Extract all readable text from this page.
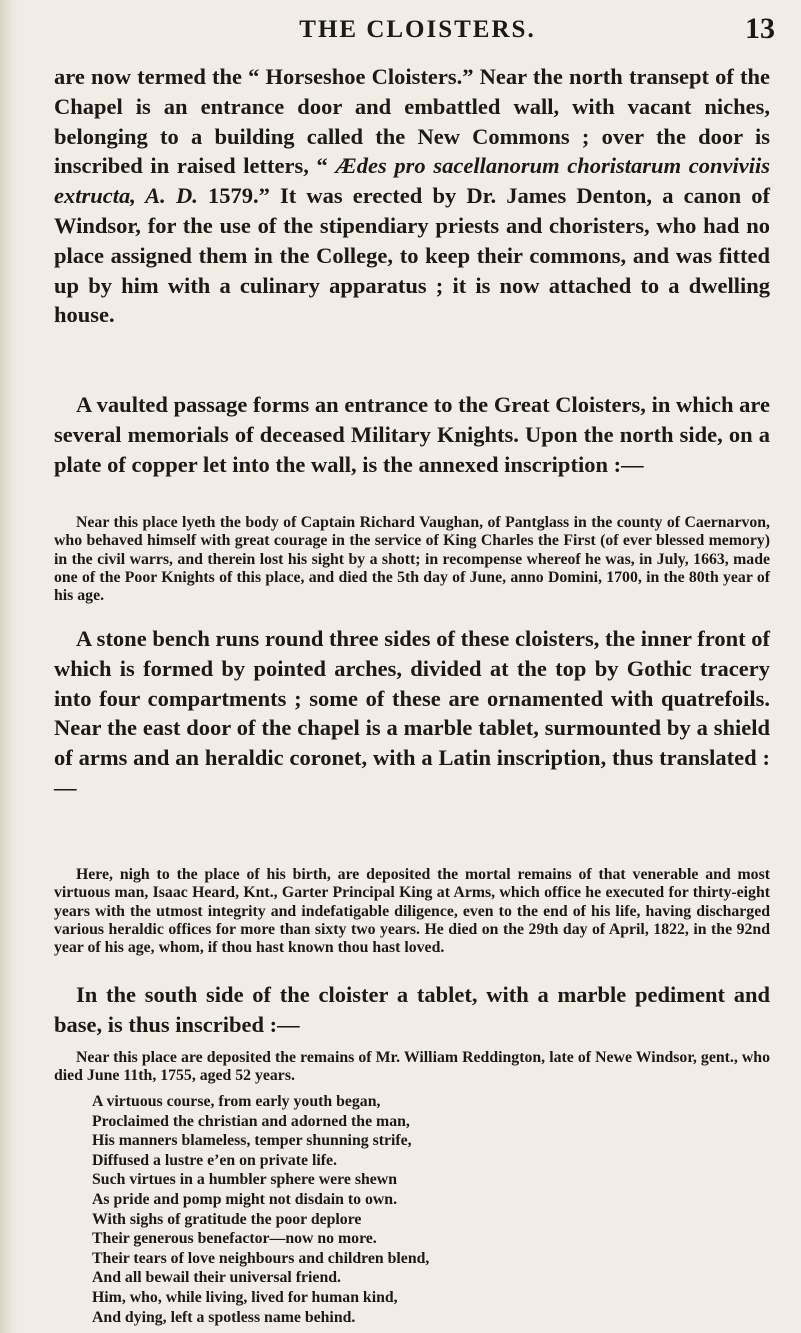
THE CLOISTERS.	13

are now termed the “ Horseshoe Cloisters.” Near the north transept of the Chapel is an entrance door and embattled wall, with vacant niches, belonging to a building called the New Commons ; over the door is inscribed in raised letters, “ Ædes pro sacellanorum choristarum conviviis extructa, A. D. 1579.” It was erected by Dr. James Denton, a canon of Windsor, for the use of the stipendiary priests and choristers, who had no place assigned them in the College, to keep their commons, and was fitted up by him with a culinary apparatus ; it is now attached to a dwelling house.

A vaulted passage forms an entrance to the Great Cloisters, in which are several memorials of deceased Military Knights. Upon the north side, on a plate of copper let into the wall, is the annexed inscription :—

Near this place lyeth the body of Captain Richard Vaughan, of Pantglass in the county of Caernarvon, who behaved himself with great courage in the service of King Charles the First (of ever blessed memory) in the civil warrs, and therein lost his sight by a shott; in recompense whereof he was, in July, 1663, made one of the Poor Knights of this place, and died the 5th day of June, anno Domini, 1700, in the 80th year of his age.

A stone bench runs round three sides of these cloisters, the inner front of which is formed by pointed arches, divided at the top by Gothic tracery into four compartments ; some of these are ornamented with quatrefoils. Near the east door of the chapel is a marble tablet, surmounted by a shield of arms and an heraldic coronet, with a Latin inscription, thus translated :—

Here, nigh to the place of his birth, are deposited the mortal remains of that venerable and most virtuous man, Isaac Heard, Knt., Garter Principal King at Arms, which office he executed for thirty-eight years with the utmost integrity and indefatigable diligence, even to the end of his life, having discharged various heraldic offices for more than sixty two years. He died on the 29th day of April, 1822, in the 92nd year of his age, whom, if thou hast known thou hast loved.

In the south side of the cloister a tablet, with a marble pediment and base, is thus inscribed :—

Near this place are deposited the remains of Mr. William Reddington, late of Newe Windsor, gent., who died June 11th, 1755, aged 52 years.

A virtuous course, from early youth began,
Proclaimed the christian and adorned the man,
His manners blameless, temper shunning strife,
Diffused a lustre e’en on private life.
Such virtues in a humbler sphere were shewn
As pride and pomp might not disdain to own.
With sighs of gratitude the poor deplore
Their generous benefactor—now no more.
Their tears of love neighbours and children blend,
And all bewail their universal friend.
Him, who, while living, lived for human kind,
And dying, left a spotless name behind.
